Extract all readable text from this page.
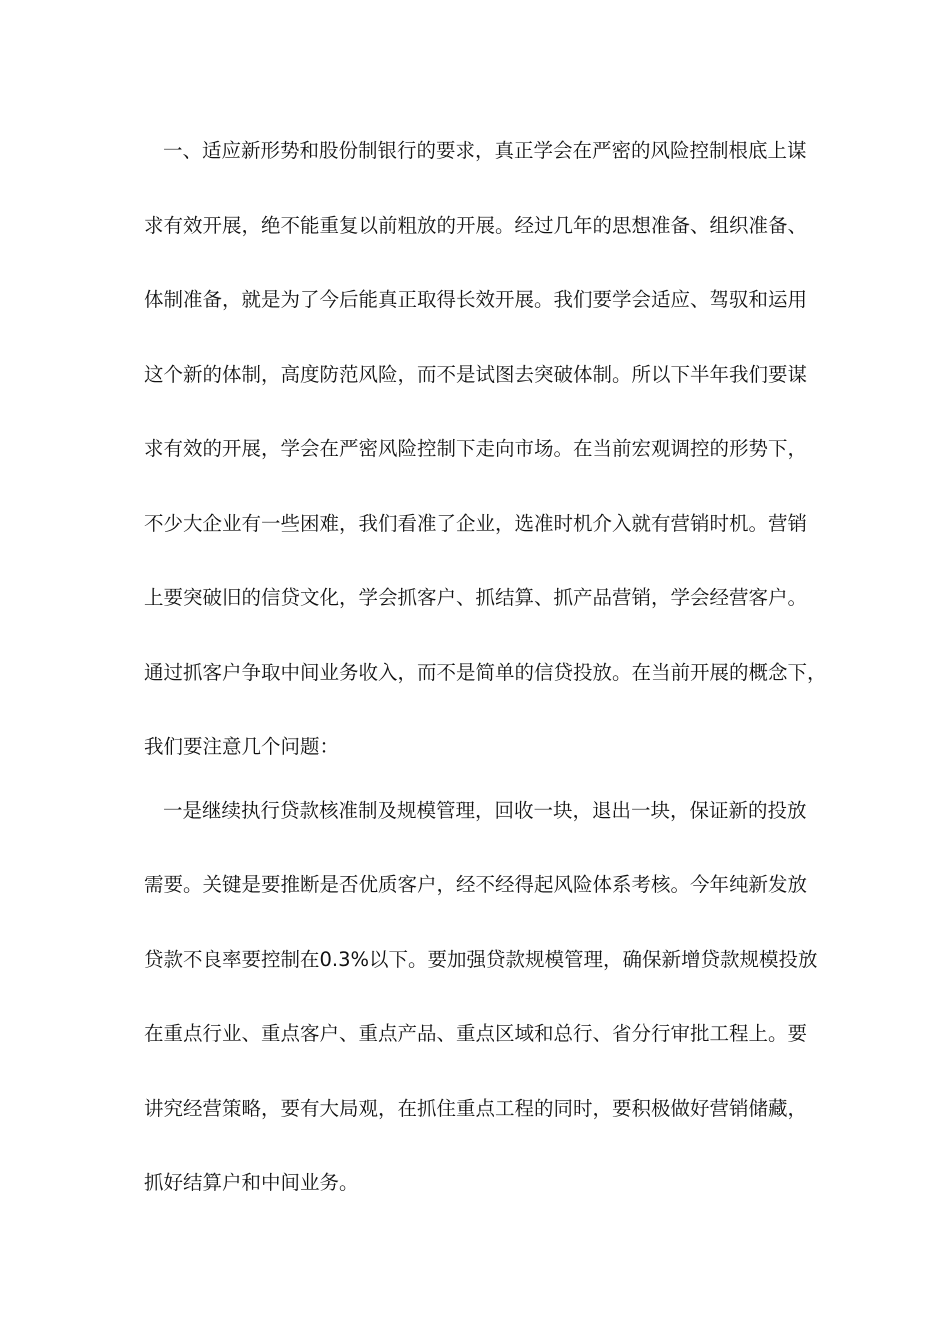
一、适应新形势和股份制银行的要求，真正学会在严密的风险控制根底上谋
求有效开展，绝不能重复以前粗放的开展。经过几年的思想准备、组织准备、
体制准备，就是为了今后能真正取得长效开展。我们要学会适应、驾驭和运用
这个新的体制，高度防范风险，而不是试图去突破体制。所以下半年我们要谋
求有效的开展，学会在严密风险控制下走向市场。在当前宏观调控的形势下，
不少大企业有一些困难，我们看准了企业，选准时机介入就有营销时机。营销
上要突破旧的信贷文化，学会抓客户、抓结算、抓产品营销，学会经营客户。
通过抓客户争取中间业务收入，而不是简单的信贷投放。在当前开展的概念下，
我们要注意几个问题：
一是继续执行贷款核准制及规模管理，回收一块，退出一块，保证新的投放
需要。关键是要推断是否优质客户，经不经得起风险体系考核。今年纯新发放
贷款不良率要控制在0.3%以下。要加强贷款规模管理，确保新增贷款规模投放
在重点行业、重点客户、重点产品、重点区域和总行、省分行审批工程上。要
讲究经营策略，要有大局观，在抓住重点工程的同时，要积极做好营销储藏，
抓好结算户和中间业务。
